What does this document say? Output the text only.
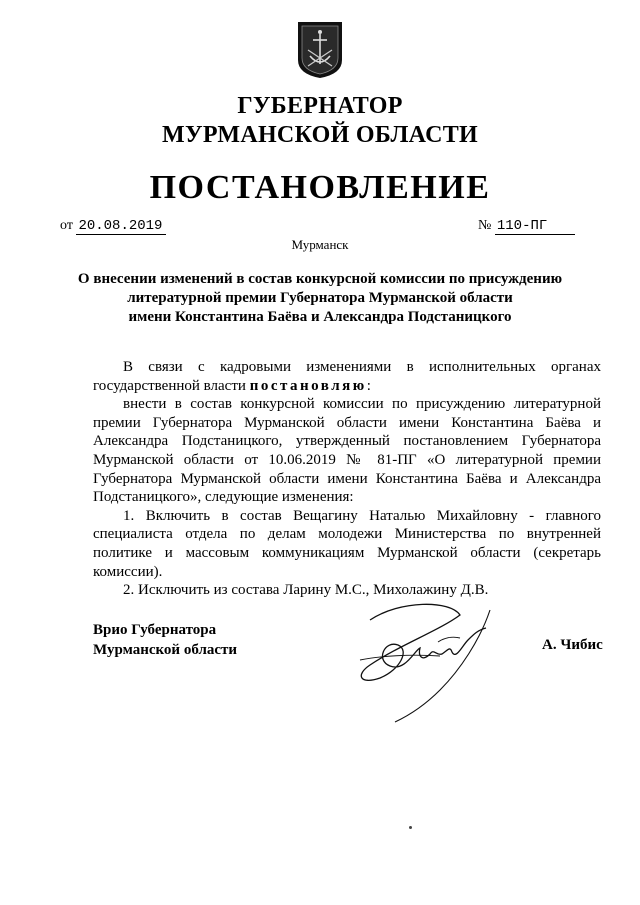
ГУБЕРНАТОР
МУРМАНСКОЙ ОБЛАСТИ
ПОСТАНОВЛЕНИЕ
от 20.08.2019	№ 110-ПГ
Мурманск
О внесении изменений в состав конкурсной комиссии по присуждению
литературной премии Губернатора Мурманской области
имени Константина Баёва и Александра Подстаницкого

В связи с кадровыми изменениями в исполнительных органах государственной власти постановляю:

внести в состав конкурсной комиссии по присуждению литературной премии Губернатора Мурманской области имени Константина Баёва и Александра Подстаницкого, утвержденный постановлением Губернатора Мурманской области от 10.06.2019 № 81-ПГ «О литературной премии Губернатора Мурманской области имени Константина Баёва и Александра Подстаницкого», следующие изменения:

1. Включить в состав Вещагину Наталью Михайловну - главного специалиста отдела по делам молодежи Министерства по внутренней политике и массовым коммуникациям Мурманской области (секретарь комиссии).

2. Исключить из состава Ларину М.С., Михолажину Д.В.

Врио Губернатора
Мурманской области	А. Чибис
